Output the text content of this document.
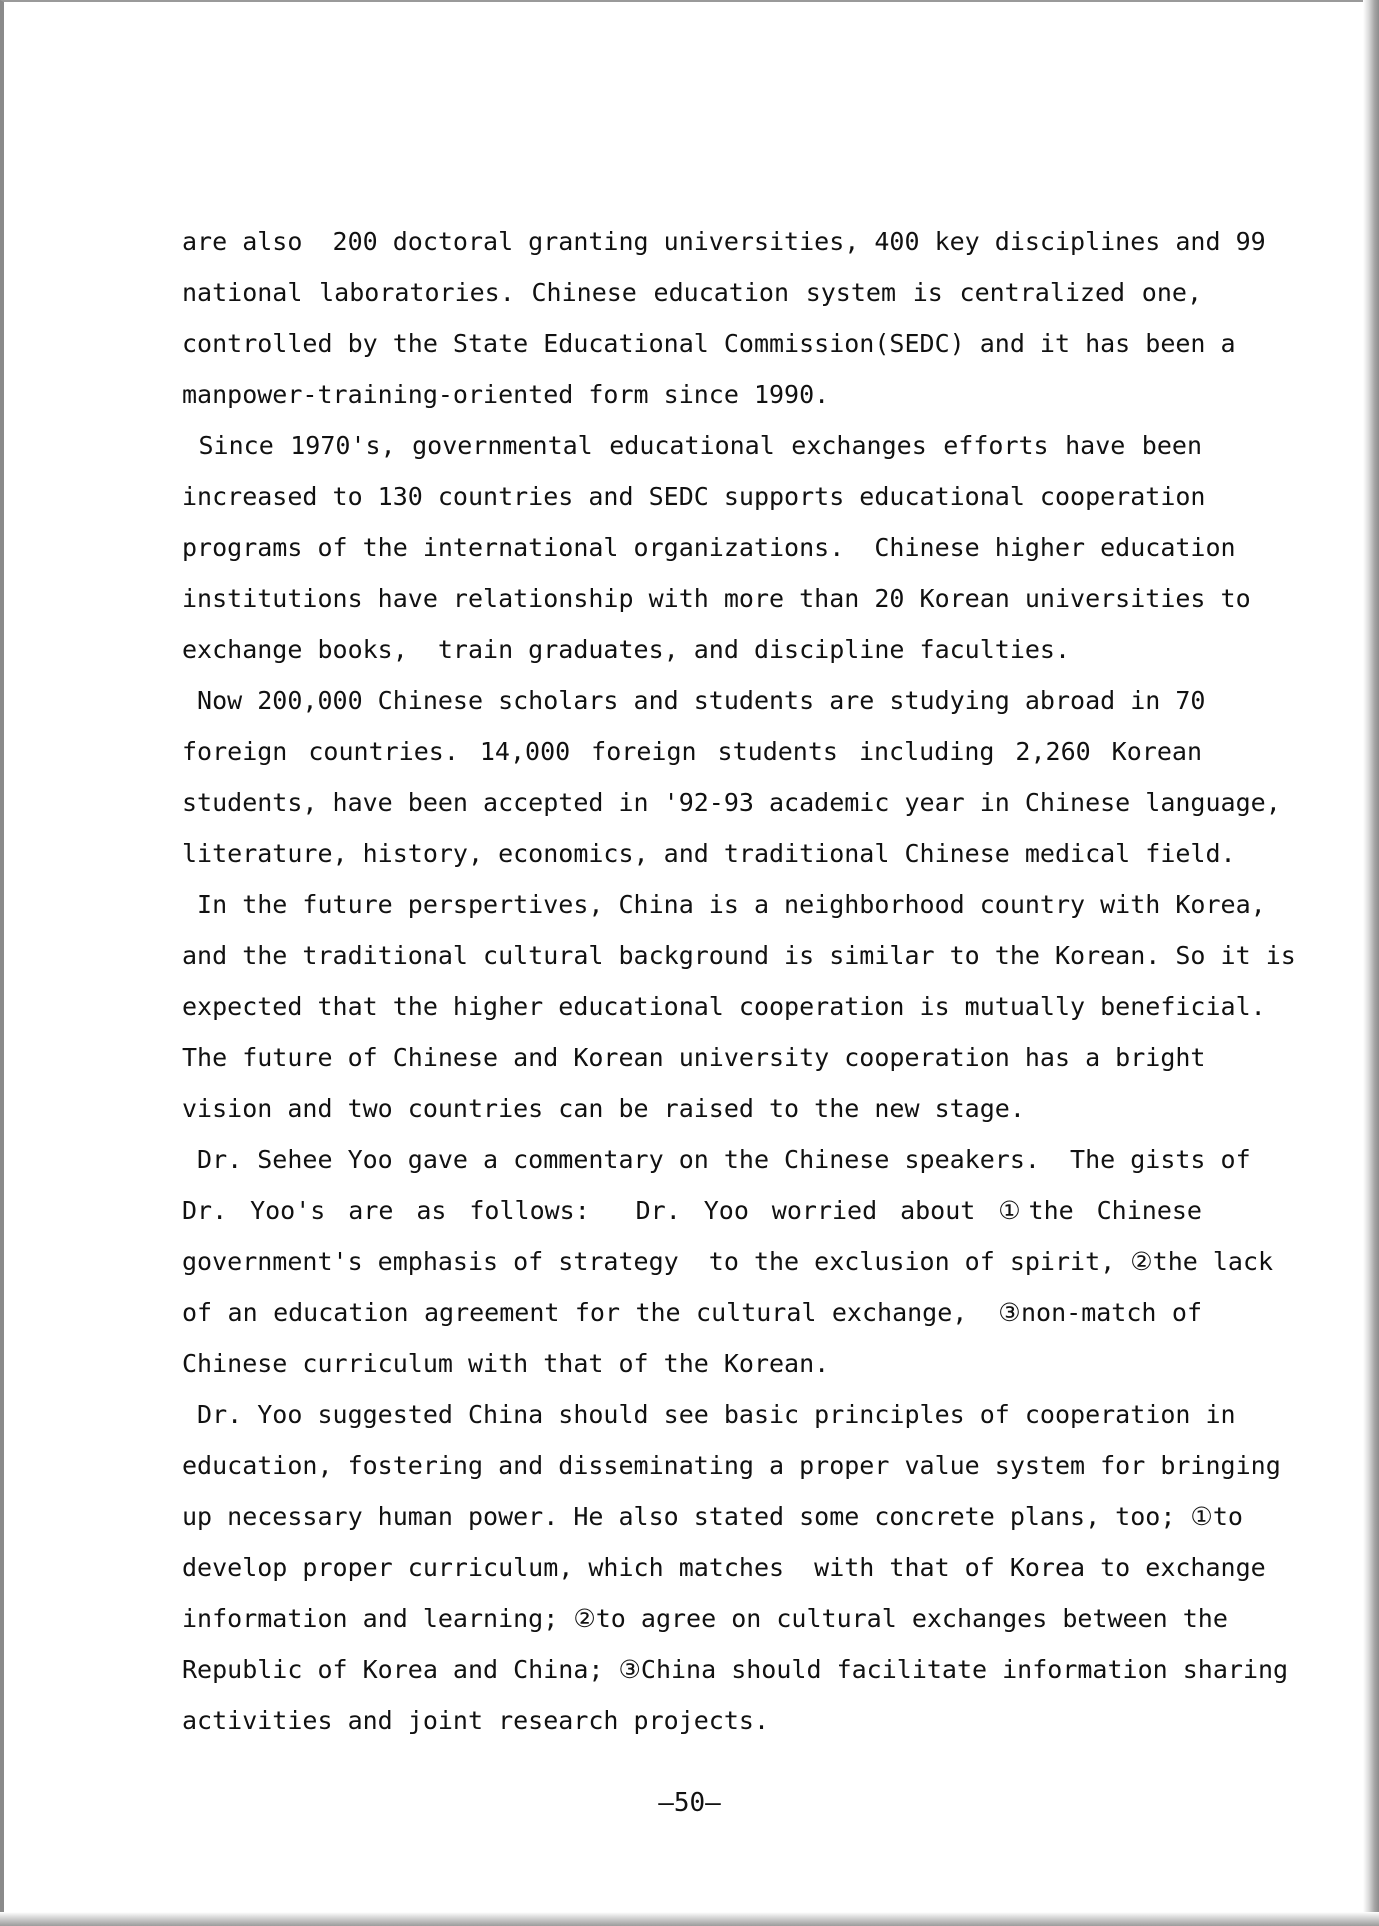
are also  200 doctoral granting universities, 400 key disciplines and 99

national laboratories. Chinese education system is centralized one,

controlled by the State Educational Commission(SEDC) and it has been a

manpower-training-oriented form since 1990.

Since 1970's, governmental educational exchanges efforts have been

increased to 130 countries and SEDC supports educational cooperation

programs of the international organizations.  Chinese higher education

institutions have relationship with more than 20 Korean universities to

exchange books,  train graduates, and discipline faculties.

Now 200,000 Chinese scholars and students are studying abroad in 70

foreign countries. 14,000 foreign students including 2,260 Korean

students, have been accepted in '92-93 academic year in Chinese language,

literature, history, economics, and traditional Chinese medical field.

In the future perspertives, China is a neighborhood country with Korea,

and the traditional cultural background is similar to the Korean. So it is

expected that the higher educational cooperation is mutually beneficial.

The future of Chinese and Korean university cooperation has a bright

vision and two countries can be raised to the new stage.

Dr. Sehee Yoo gave a commentary on the Chinese speakers.  The gists of

Dr. Yoo's are as follows:  Dr. Yoo worried about ①the Chinese

government's emphasis of strategy  to the exclusion of spirit, ②the lack

of an education agreement for the cultural exchange,  ③non-match of

Chinese curriculum with that of the Korean.

Dr. Yoo suggested China should see basic principles of cooperation in

education, fostering and disseminating a proper value system for bringing

up necessary human power. He also stated some concrete plans, too; ①to

develop proper curriculum, which matches  with that of Korea to exchange

information and learning; ②to agree on cultural exchanges between the

Republic of Korea and China; ③China should facilitate information sharing

activities and joint research projects.

—50—
